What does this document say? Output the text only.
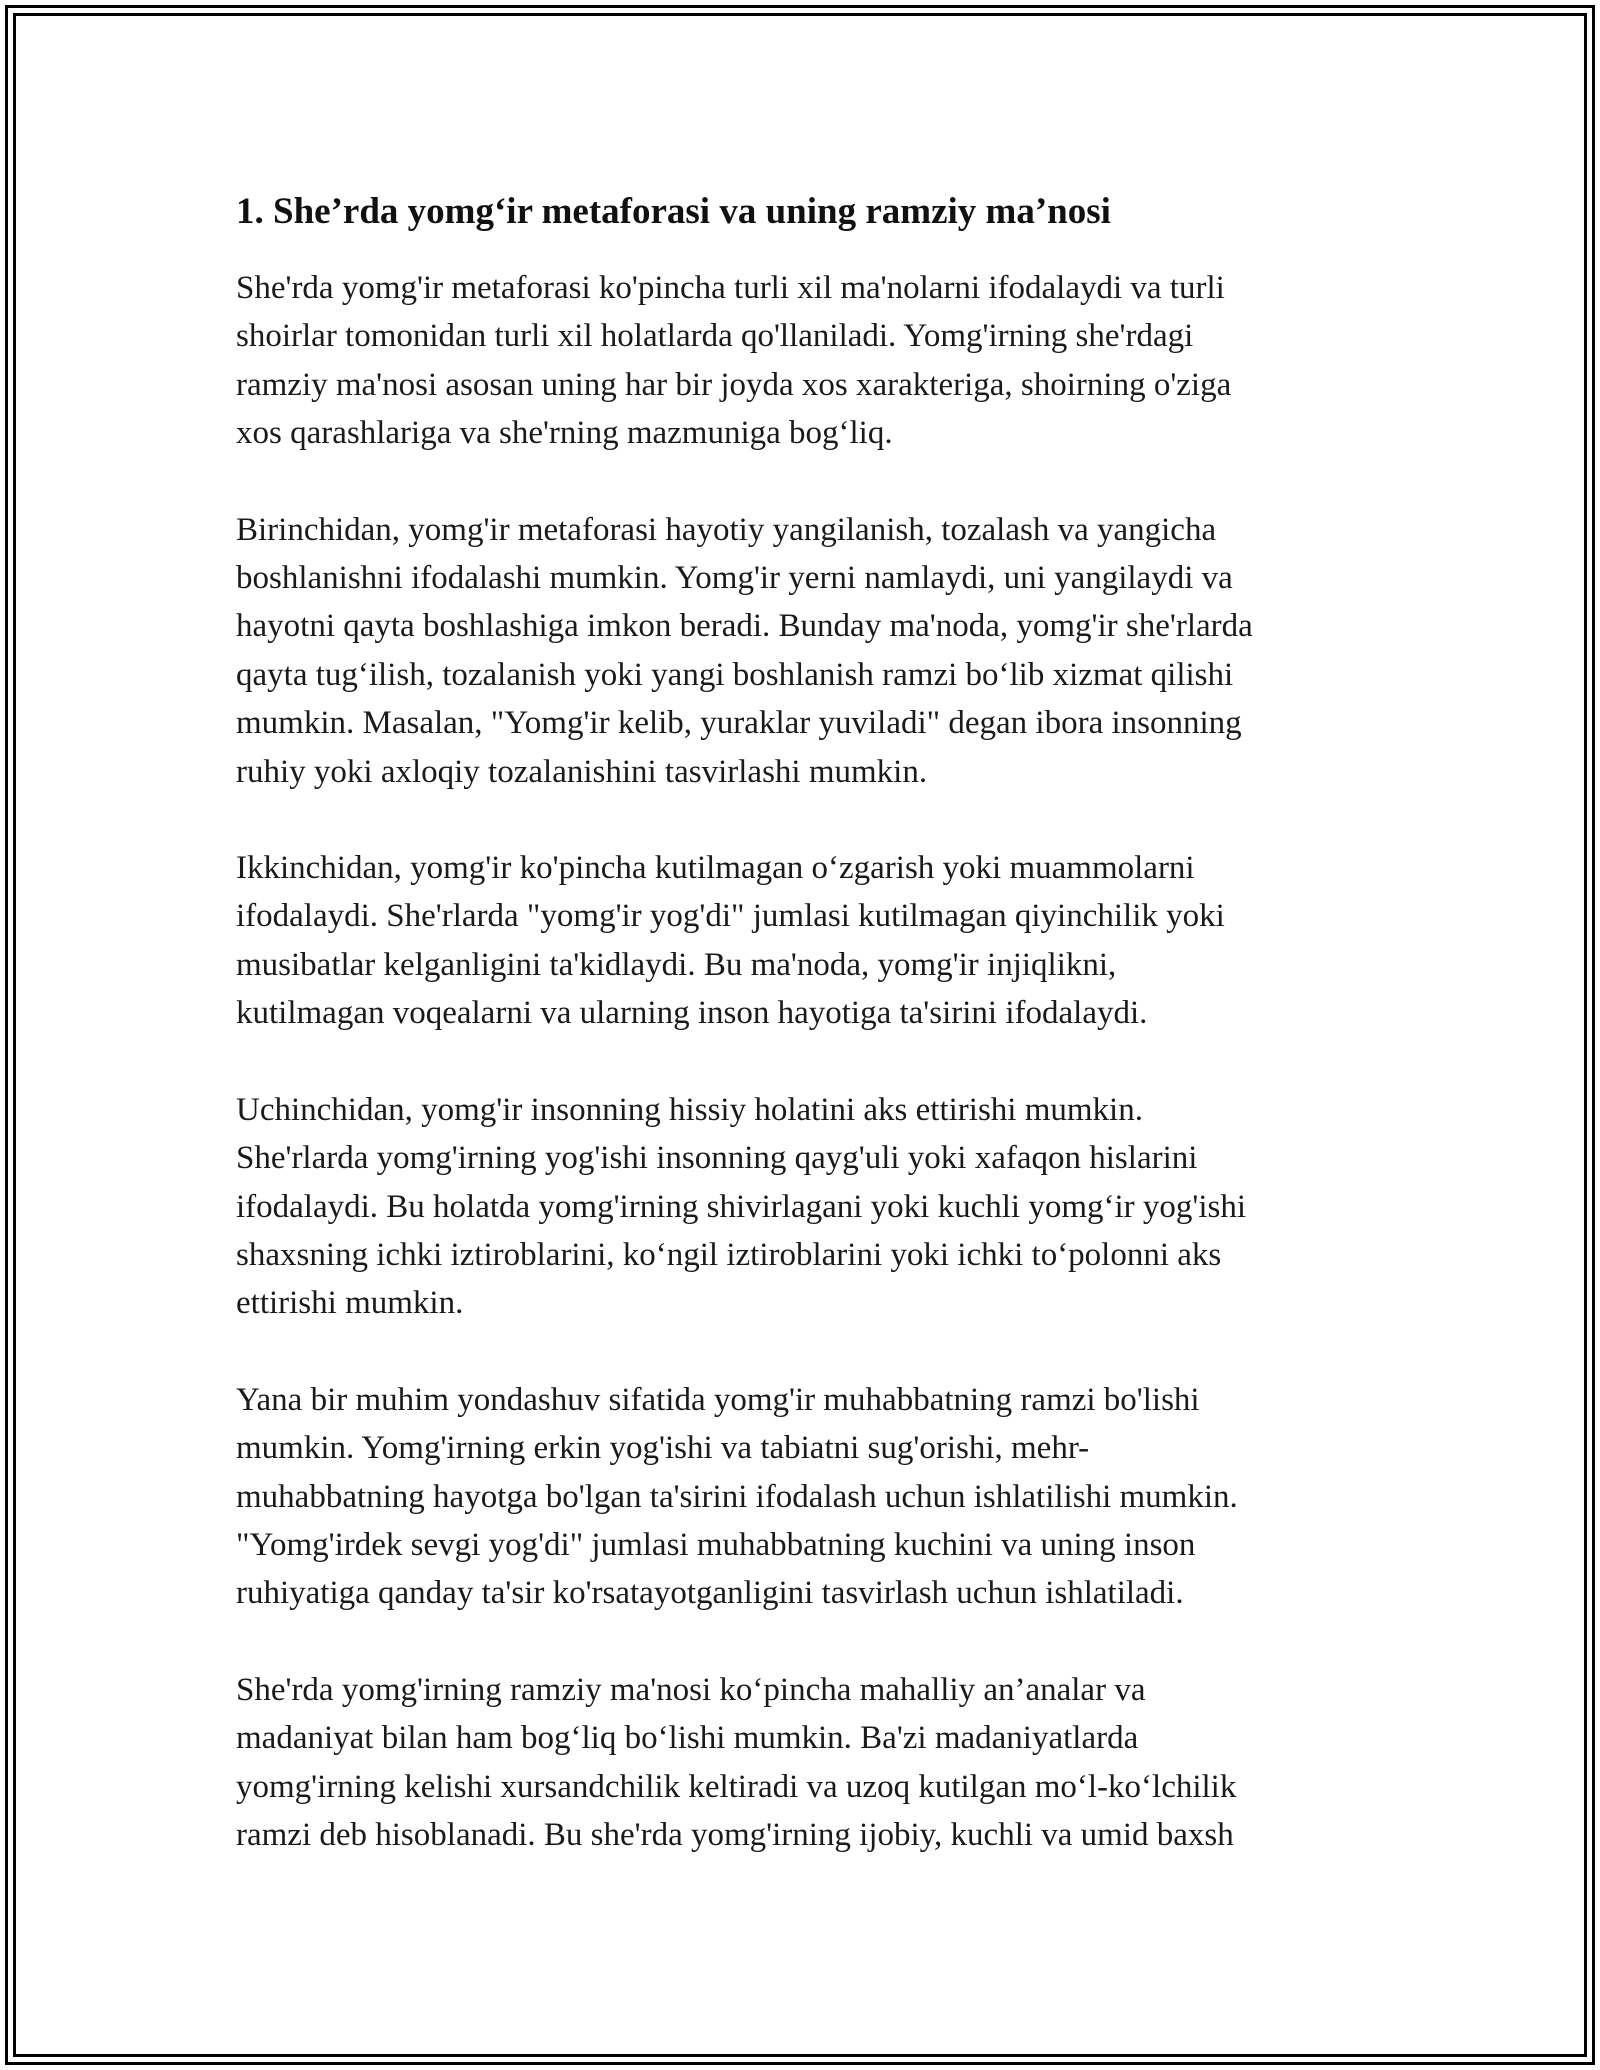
1. She’rda yomg‘ir metaforasi va uning ramziy ma’nosi

She'rda yomg'ir metaforasi ko'pincha turli xil ma'nolarni ifodalaydi va turli
shoirlar tomonidan turli xil holatlarda qo'llaniladi. Yomg'irning she'rdagi
ramziy ma'nosi asosan uning har bir joyda xos xarakteriga, shoirning o'ziga
xos qarashlariga va she'rning mazmuniga bog‘liq.

Birinchidan, yomg'ir metaforasi hayotiy yangilanish, tozalash va yangicha
boshlanishni ifodalashi mumkin. Yomg'ir yerni namlaydi, uni yangilaydi va
hayotni qayta boshlashiga imkon beradi. Bunday ma'noda, yomg'ir she'rlarda
qayta tug‘ilish, tozalanish yoki yangi boshlanish ramzi bo‘lib xizmat qilishi
mumkin. Masalan, "Yomg'ir kelib, yuraklar yuviladi" degan ibora insonning
ruhiy yoki axloqiy tozalanishini tasvirlashi mumkin.

Ikkinchidan, yomg'ir ko'pincha kutilmagan o‘zgarish yoki muammolarni
ifodalaydi. She'rlarda "yomg'ir yog'di" jumlasi kutilmagan qiyinchilik yoki
musibatlar kelganligini ta'kidlaydi. Bu ma'noda, yomg'ir injiqlikni,
kutilmagan voqealarni va ularning inson hayotiga ta'sirini ifodalaydi.

Uchinchidan, yomg'ir insonning hissiy holatini aks ettirishi mumkin.
She'rlarda yomg'irning yog'ishi insonning qayg'uli yoki xafaqon hislarini
ifodalaydi. Bu holatda yomg'irning shivirlagani yoki kuchli yomg‘ir yog'ishi
shaxsning ichki iztiroblarini, ko‘ngil iztiroblarini yoki ichki to‘polonni aks
ettirishi mumkin.

Yana bir muhim yondashuv sifatida yomg'ir muhabbatning ramzi bo'lishi
mumkin. Yomg'irning erkin yog'ishi va tabiatni sug'orishi, mehr-
muhabbatning hayotga bo'lgan ta'sirini ifodalash uchun ishlatilishi mumkin.
"Yomg'irdek sevgi yog'di" jumlasi muhabbatning kuchini va uning inson
ruhiyatiga qanday ta'sir ko'rsatayotganligini tasvirlash uchun ishlatiladi.

She'rda yomg'irning ramziy ma'nosi ko‘pincha mahalliy an’analar va
madaniyat bilan ham bog‘liq bo‘lishi mumkin. Ba'zi madaniyatlarda
yomg'irning kelishi xursandchilik keltiradi va uzoq kutilgan mo‘l-ko‘lchilik
ramzi deb hisoblanadi. Bu she'rda yomg'irning ijobiy, kuchli va umid baxsh
